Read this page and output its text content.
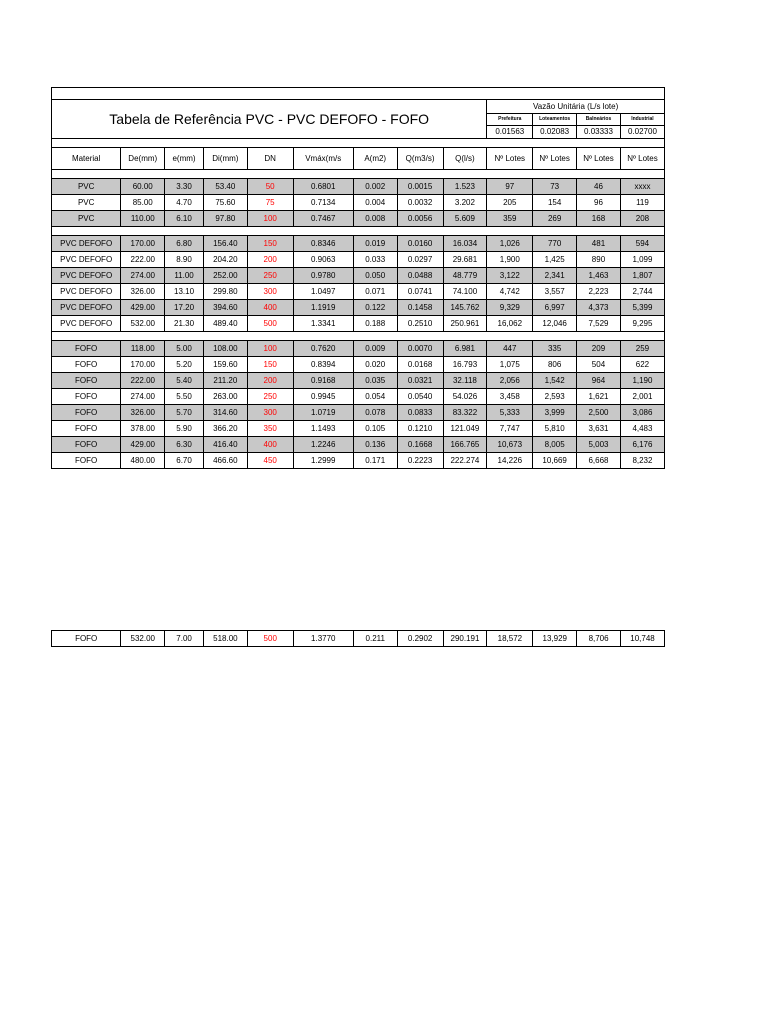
Tabela de Referência PVC - PVC DEFOFO - FOFO									Vazão Unitária (L/s lote)			
									Prefeitura	Loteamentos	Balneários	Industrial
									0.01563	0.02083	0.03333	0.02700

Material	De(mm)	e(mm)	Di(mm)	DN	Vmáx(m/s	A(m2)	Q(m3/s)	Q(l/s)	Nº Lotes	Nº Lotes	Nº Lotes	Nº Lotes

PVC	60.00	3.30	53.40	50	0.6801	0.002	0.0015	1.523	97	73	46	xxxx
PVC	85.00	4.70	75.60	75	0.7134	0.004	0.0032	3.202	205	154	96	119
PVC	110.00	6.10	97.80	100	0.7467	0.008	0.0056	5.609	359	269	168	208

PVC DEFOFO	170.00	6.80	156.40	150	0.8346	0.019	0.0160	16.034	1,026	770	481	594
PVC DEFOFO	222.00	8.90	204.20	200	0.9063	0.033	0.0297	29.681	1,900	1,425	890	1,099
PVC DEFOFO	274.00	11.00	252.00	250	0.9780	0.050	0.0488	48.779	3,122	2,341	1,463	1,807
PVC DEFOFO	326.00	13.10	299.80	300	1.0497	0.071	0.0741	74.100	4,742	3,557	2,223	2,744
PVC DEFOFO	429.00	17.20	394.60	400	1.1919	0.122	0.1458	145.762	9,329	6,997	4,373	5,399
PVC DEFOFO	532.00	21.30	489.40	500	1.3341	0.188	0.2510	250.961	16,062	12,046	7,529	9,295

FOFO	118.00	5.00	108.00	100	0.7620	0.009	0.0070	6.981	447	335	209	259
FOFO	170.00	5.20	159.60	150	0.8394	0.020	0.0168	16.793	1,075	806	504	622
FOFO	222.00	5.40	211.20	200	0.9168	0.035	0.0321	32.118	2,056	1,542	964	1,190
FOFO	274.00	5.50	263.00	250	0.9945	0.054	0.0540	54.026	3,458	2,593	1,621	2,001
FOFO	326.00	5.70	314.60	300	1.0719	0.078	0.0833	83.322	5,333	3,999	2,500	3,086
FOFO	378.00	5.90	366.20	350	1.1493	0.105	0.1210	121.049	7,747	5,810	3,631	4,483
FOFO	429.00	6.30	416.40	400	1.2246	0.136	0.1668	166.765	10,673	8,005	5,003	6,176
FOFO	480.00	6.70	466.60	450	1.2999	0.171	0.2223	222.274	14,226	10,669	6,668	8,232
FOFO	532.00	7.00	518.00	500	1.3770	0.211	0.2902	290.191	18,572	13,929	8,706	10,748
